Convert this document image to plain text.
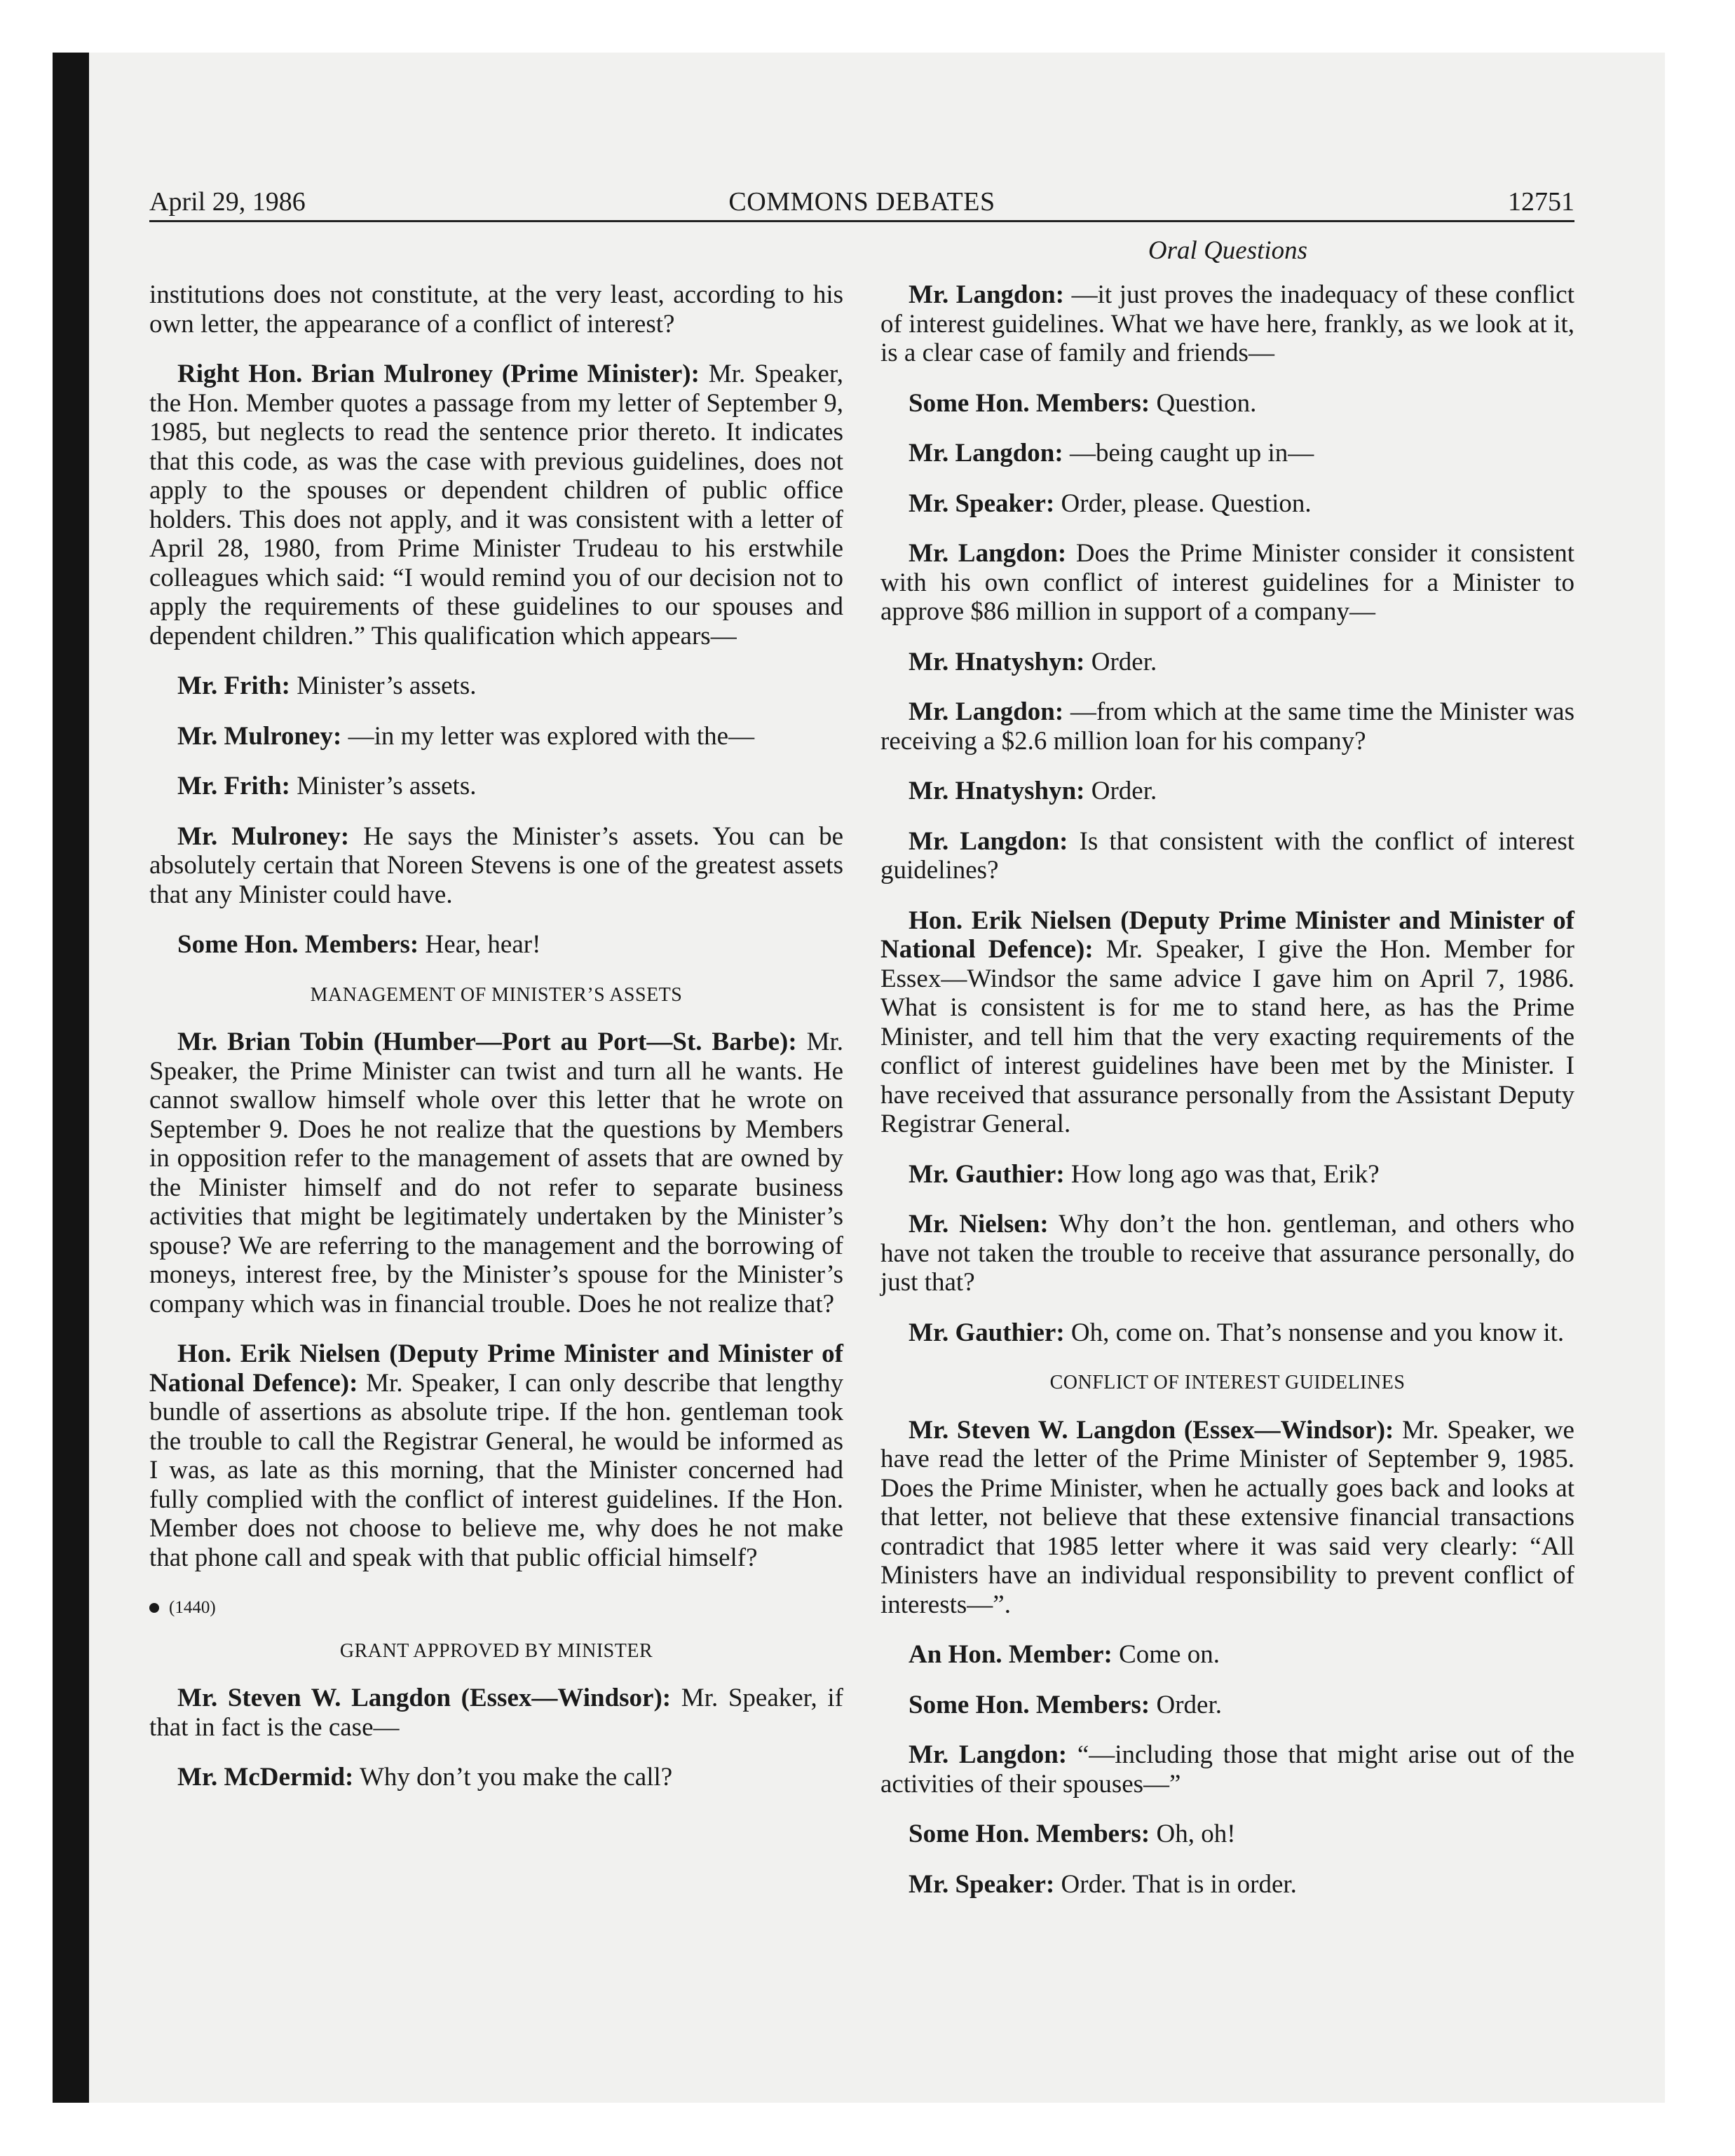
April 29, 1986	COMMONS DEBATES	12751
Oral Questions

institutions does not constitute, at the very least, according to his own letter, the appearance of a conflict of interest?

Right Hon. Brian Mulroney (Prime Minister): Mr. Speaker, the Hon. Member quotes a passage from my letter of September 9, 1985, but neglects to read the sentence prior thereto. It indicates that this code, as was the case with previous guidelines, does not apply to the spouses or dependent children of public office holders. This does not apply, and it was consistent with a letter of April 28, 1980, from Prime Minister Trudeau to his erstwhile colleagues which said: “I would remind you of our decision not to apply the requirements of these guidelines to our spouses and dependent children.” This qualification which appears—

Mr. Frith: Minister’s assets.

Mr. Mulroney: —in my letter was explored with the—

Mr. Frith: Minister’s assets.

Mr. Mulroney: He says the Minister’s assets. You can be absolutely certain that Noreen Stevens is one of the greatest assets that any Minister could have.

Some Hon. Members: Hear, hear!

MANAGEMENT OF MINISTER’S ASSETS

Mr. Brian Tobin (Humber—Port au Port—St. Barbe): Mr. Speaker, the Prime Minister can twist and turn all he wants. He cannot swallow himself whole over this letter that he wrote on September 9. Does he not realize that the questions by Members in opposition refer to the management of assets that are owned by the Minister himself and do not refer to separate business activities that might be legitimately undertaken by the Minister’s spouse? We are referring to the management and the borrowing of moneys, interest free, by the Minister’s spouse for the Minister’s company which was in financial trouble. Does he not realize that?

Hon. Erik Nielsen (Deputy Prime Minister and Minister of National Defence): Mr. Speaker, I can only describe that lengthy bundle of assertions as absolute tripe. If the hon. gentleman took the trouble to call the Registrar General, he would be informed as I was, as late as this morning, that the Minister concerned had fully complied with the conflict of interest guidelines. If the Hon. Member does not choose to believe me, why does he not make that phone call and speak with that public official himself?

(1440)
GRANT APPROVED BY MINISTER

Mr. Steven W. Langdon (Essex—Windsor): Mr. Speaker, if that in fact is the case—

Mr. McDermid: Why don’t you make the call?

Mr. Langdon: —it just proves the inadequacy of these conflict of interest guidelines. What we have here, frankly, as we look at it, is a clear case of family and friends—

Some Hon. Members: Question.

Mr. Langdon: —being caught up in—

Mr. Speaker: Order, please. Question.

Mr. Langdon: Does the Prime Minister consider it consistent with his own conflict of interest guidelines for a Minister to approve $86 million in support of a company—

Mr. Hnatyshyn: Order.

Mr. Langdon: —from which at the same time the Minister was receiving a $2.6 million loan for his company?

Mr. Hnatyshyn: Order.

Mr. Langdon: Is that consistent with the conflict of interest guidelines?

Hon. Erik Nielsen (Deputy Prime Minister and Minister of National Defence): Mr. Speaker, I give the Hon. Member for Essex—Windsor the same advice I gave him on April 7, 1986. What is consistent is for me to stand here, as has the Prime Minister, and tell him that the very exacting requirements of the conflict of interest guidelines have been met by the Minister. I have received that assurance personally from the Assistant Deputy Registrar General.

Mr. Gauthier: How long ago was that, Erik?

Mr. Nielsen: Why don’t the hon. gentleman, and others who have not taken the trouble to receive that assurance personally, do just that?

Mr. Gauthier: Oh, come on. That’s nonsense and you know it.

CONFLICT OF INTEREST GUIDELINES

Mr. Steven W. Langdon (Essex—Windsor): Mr. Speaker, we have read the letter of the Prime Minister of September 9, 1985. Does the Prime Minister, when he actually goes back and looks at that letter, not believe that these extensive financial transactions contradict that 1985 letter where it was said very clearly: “All Ministers have an individual responsibility to prevent conflict of interests—”.

An Hon. Member: Come on.

Some Hon. Members: Order.

Mr. Langdon: “—including those that might arise out of the activities of their spouses—”

Some Hon. Members: Oh, oh!

Mr. Speaker: Order. That is in order.
